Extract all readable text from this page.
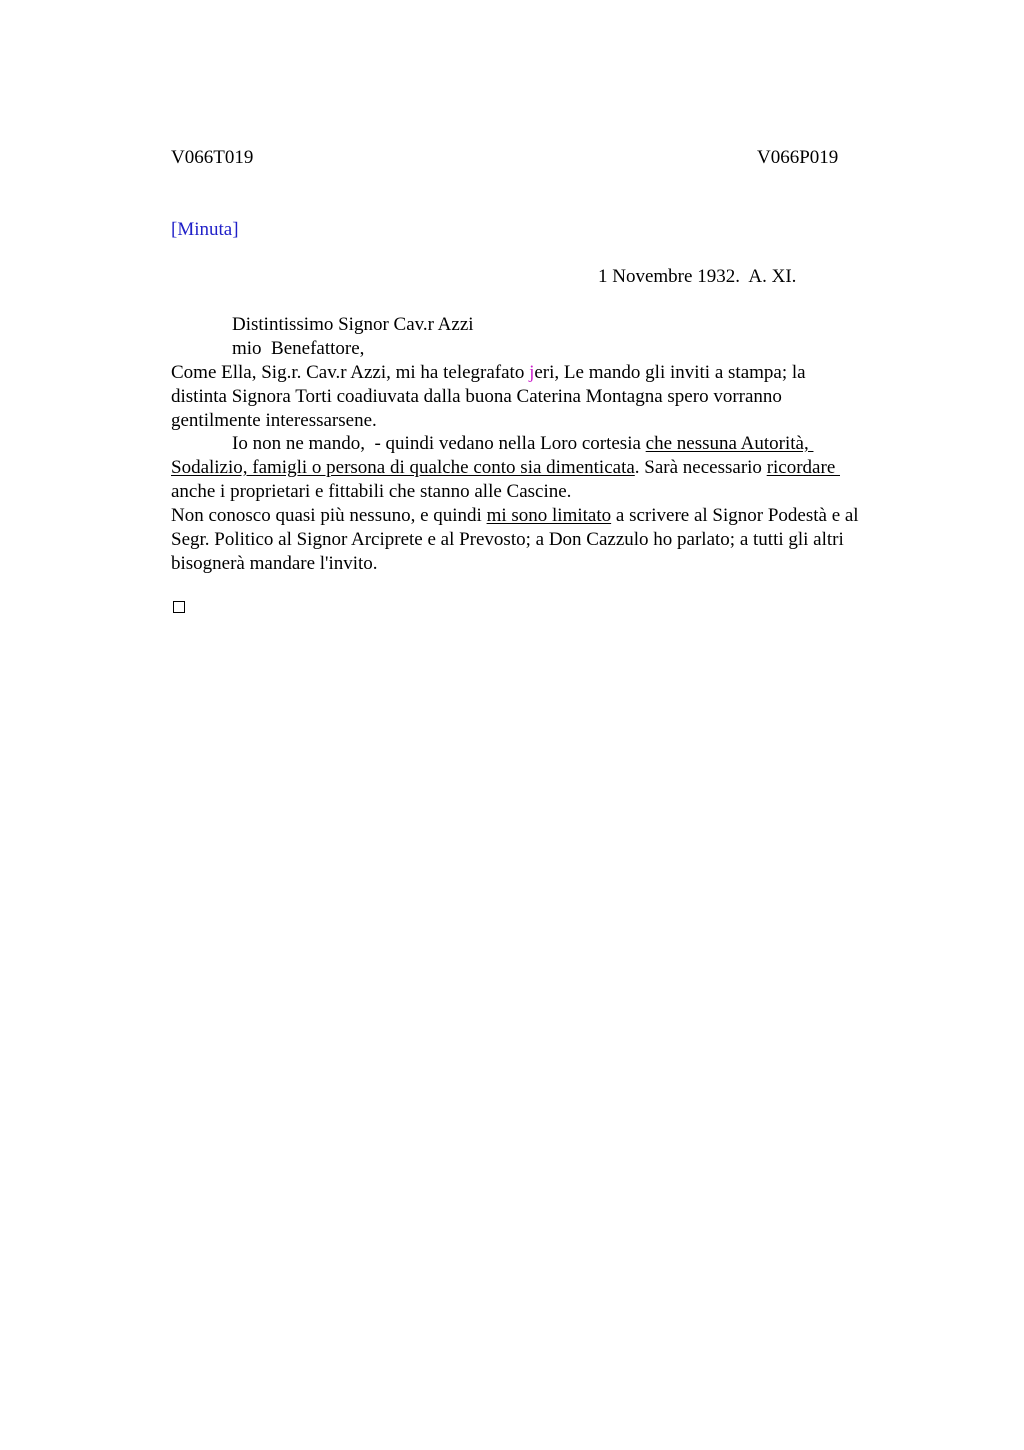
V066T019	V066P019
[Minuta]
1 Novembre 1932.  A. XI.
Distintissimo Signor Cav.r Azzi
mio  Benefattore,
Come Ella, Sig.r. Cav.r Azzi, mi ha telegrafato jeri, Le mando gli inviti a stampa; la
distinta Signora Torti coadiuvata dalla buona Caterina Montagna spero vorranno
gentilmente interessarsene.
Io non ne mando,  - quindi vedano nella Loro cortesia che nessuna Autorità,
Sodalizio, famigli o persona di qualche conto sia dimenticata. Sarà necessario ricordare
anche i proprietari e fittabili che stanno alle Cascine.
Non conosco quasi più nessuno, e quindi mi sono limitato a scrivere al Signor Podestà e al
Segr. Politico al Signor Arciprete e al Prevosto; a Don Cazzulo ho parlato; a tutti gli altri
bisognerà mandare l'invito.
